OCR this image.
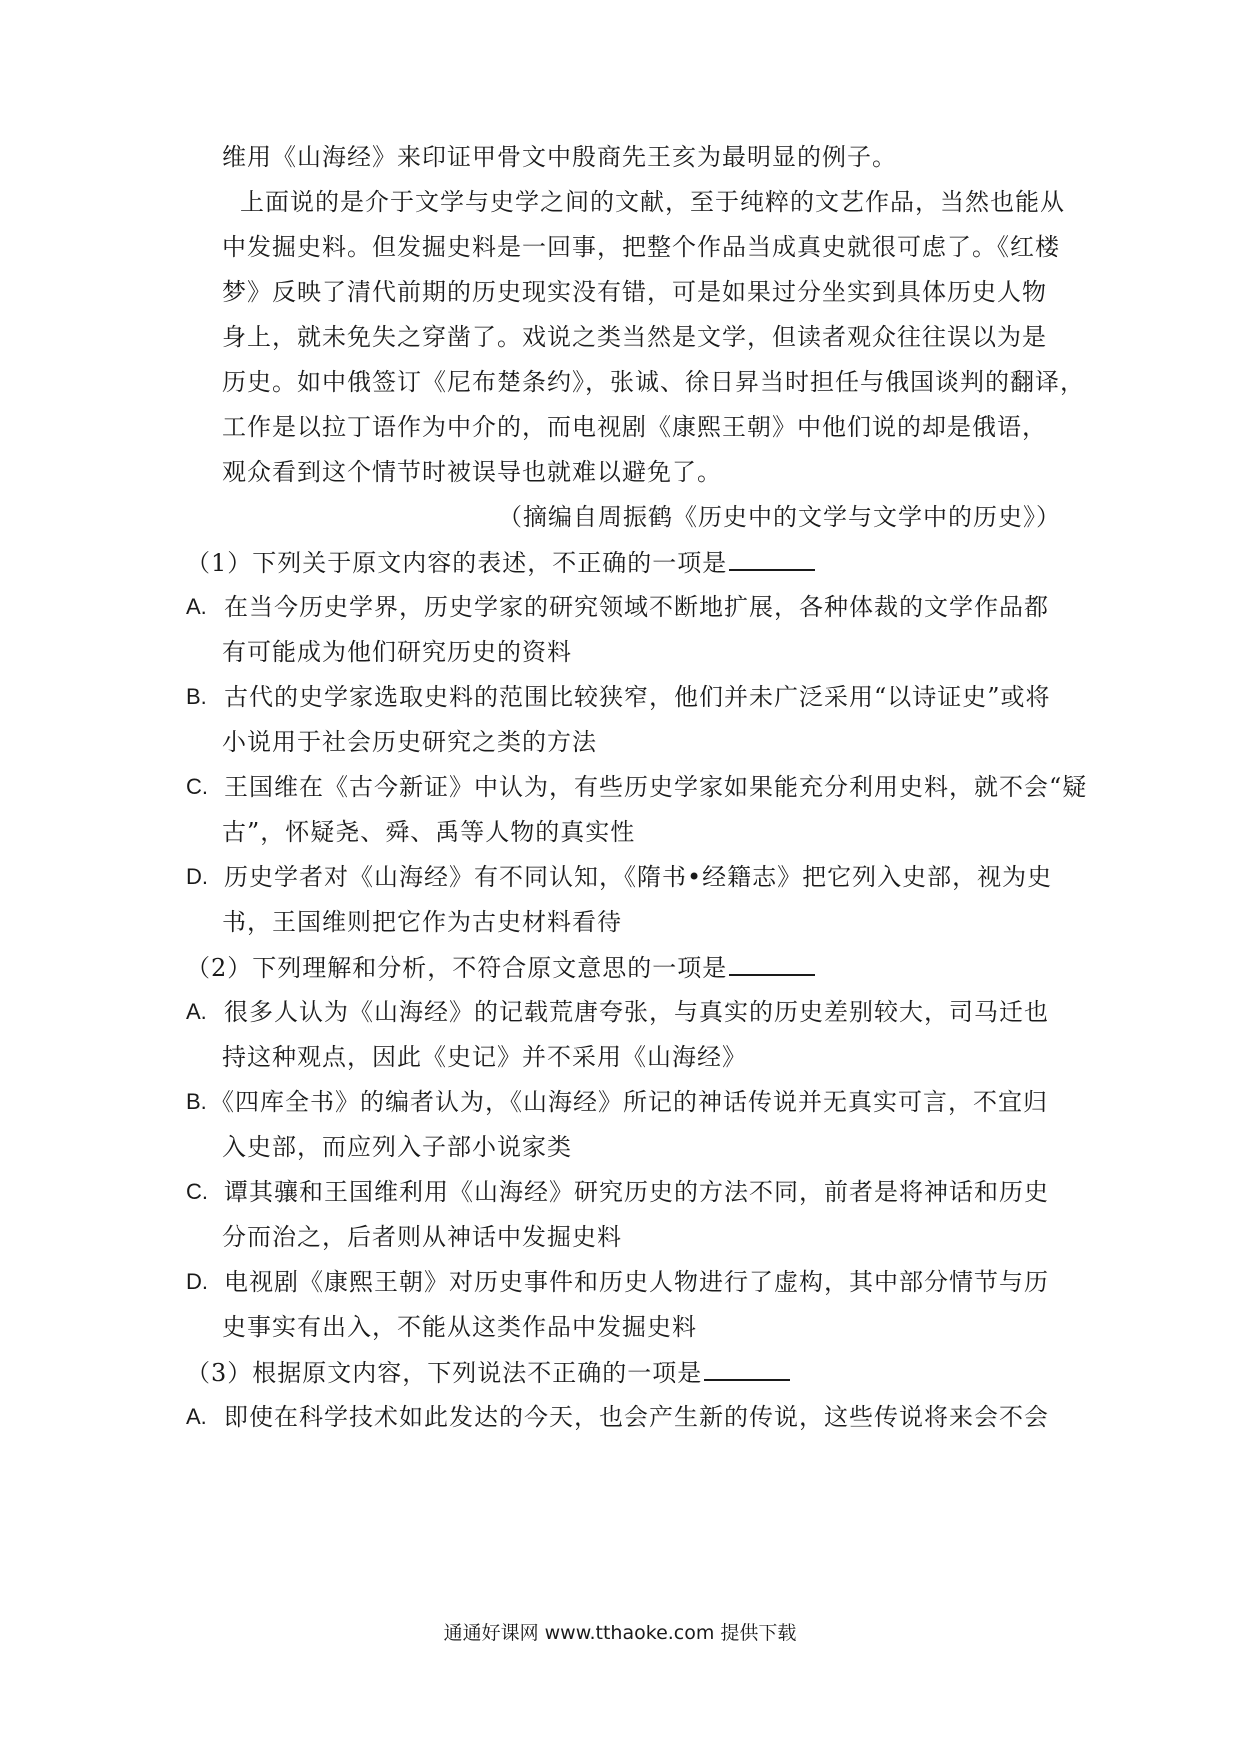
维用《山海经》来印证甲骨文中殷商先王亥为最明显的例子。
上面说的是介于文学与史学之间的文献，至于纯粹的文艺作品，当然也能从
中发掘史料。但发掘史料是一回事，把整个作品当成真史就很可虑了。《红楼
梦》反映了清代前期的历史现实没有错，可是如果过分坐实到具体历史人物
身上，就未免失之穿凿了。戏说之类当然是文学，但读者观众往往误以为是
历史。如中俄签订《尼布楚条约》，张诚、徐日昇当时担任与俄国谈判的翻译，
工作是以拉丁语作为中介的，而电视剧《康熙王朝》中他们说的却是俄语，
观众看到这个情节时被误导也就难以避免了。
（摘编自周振鹤《历史中的文学与文学中的历史》）
（1）下列关于原文内容的表述，不正确的一项是
A. 在当今历史学界，历史学家的研究领域不断地扩展，各种体裁的文学作品都
有可能成为他们研究历史的资料
B. 古代的史学家选取史料的范围比较狭窄，他们并未广泛采用“以诗证史”或将
小说用于社会历史研究之类的方法
C. 王国维在《古今新证》中认为，有些历史学家如果能充分利用史料，就不会“疑
古”，怀疑尧、舜、禹等人物的真实性
D. 历史学者对《山海经》有不同认知，《隋书•经籍志》把它列入史部，视为史
书，王国维则把它作为古史材料看待
（2）下列理解和分析，不符合原文意思的一项是
A. 很多人认为《山海经》的记载荒唐夸张，与真实的历史差别较大，司马迁也
持这种观点，因此《史记》并不采用《山海经》
B. 《四库全书》的编者认为，《山海经》所记的神话传说并无真实可言，不宜归
入史部，而应列入子部小说家类
C. 谭其骧和王国维利用《山海经》研究历史的方法不同，前者是将神话和历史
分而治之，后者则从神话中发掘史料
D. 电视剧《康熙王朝》对历史事件和历史人物进行了虚构，其中部分情节与历
史事实有出入，不能从这类作品中发掘史料
（3）根据原文内容，下列说法不正确的一项是
A. 即使在科学技术如此发达的今天，也会产生新的传说，这些传说将来会不会
通通好课网 www.tthaoke.com 提供下载
